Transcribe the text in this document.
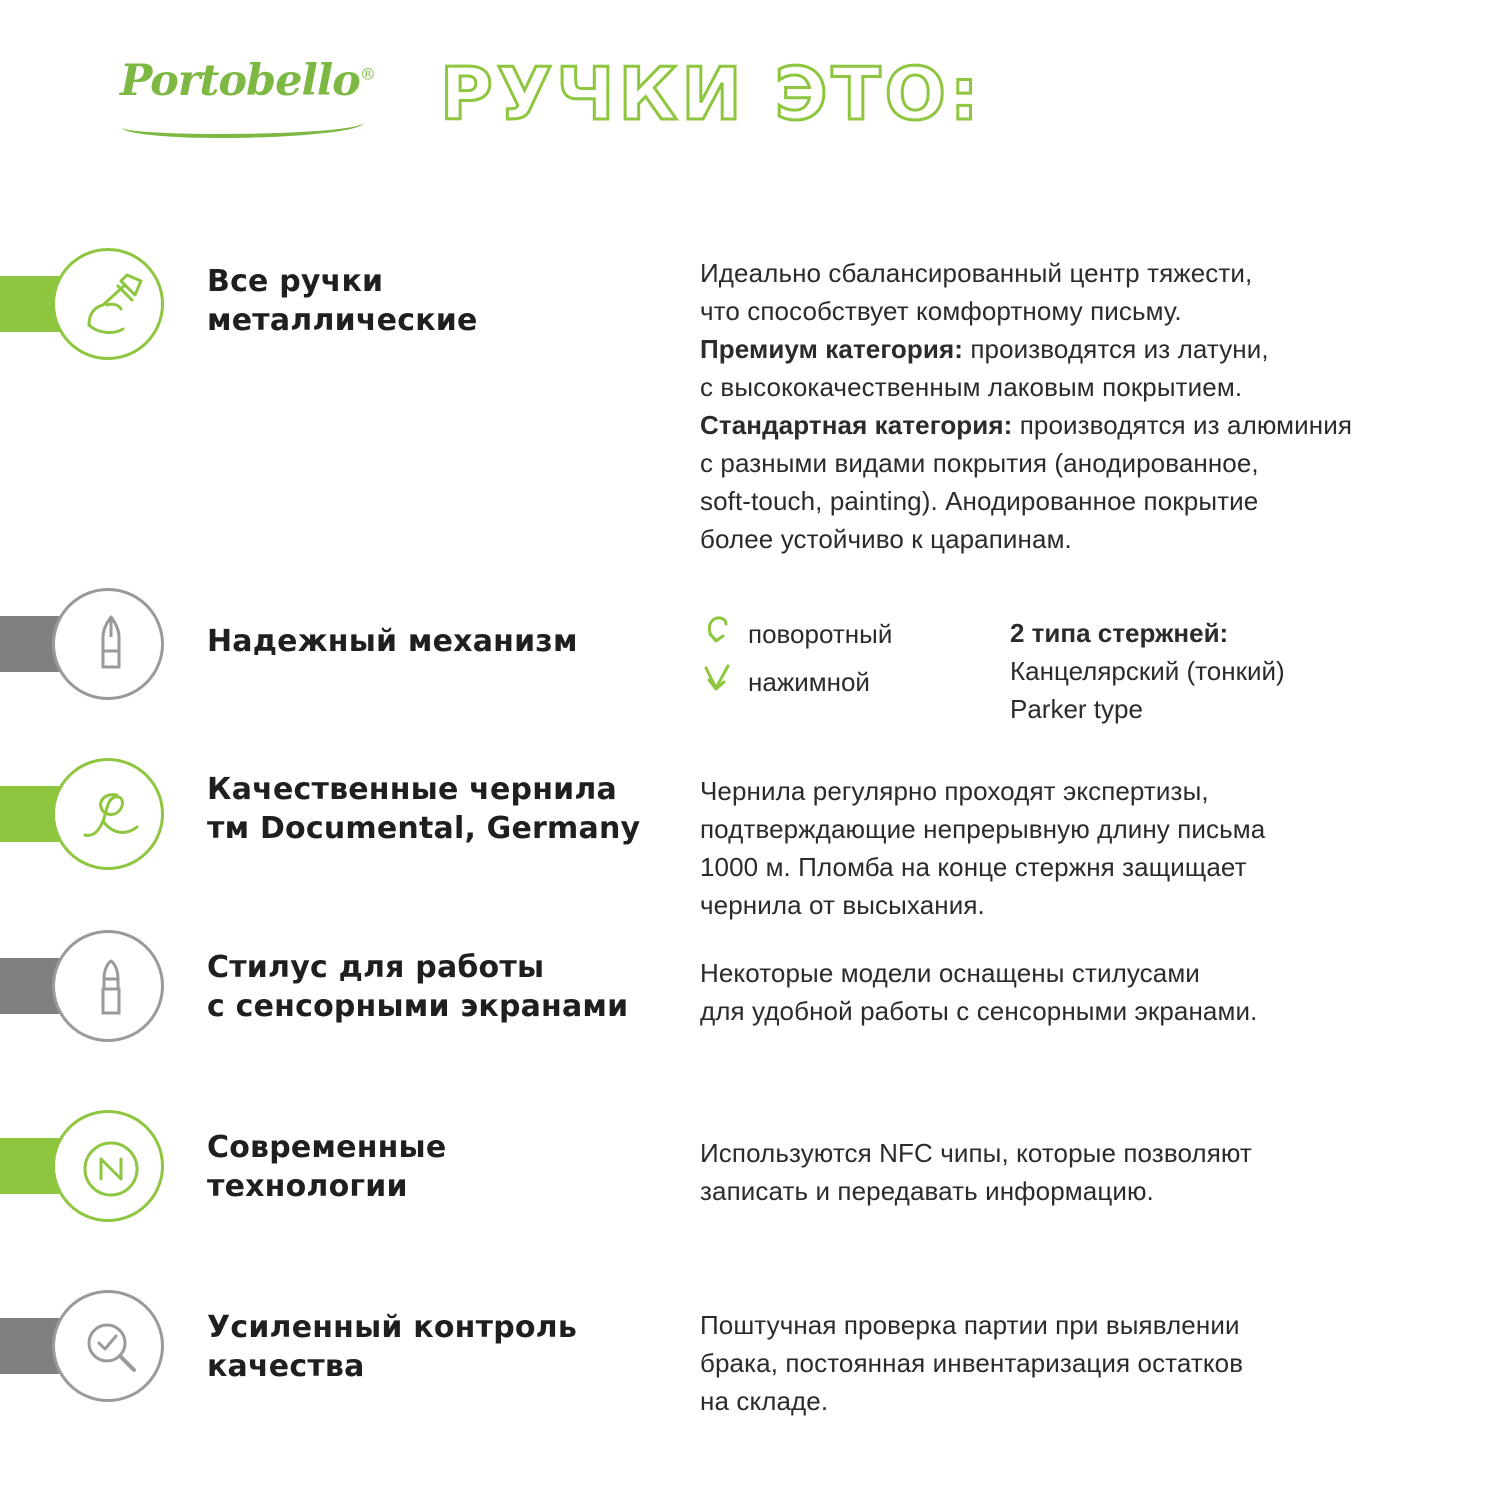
Portobello® РУЧКИ ЭТО:
Все ручки
металлические
Идеально сбалансированный центр тяжести,
что способствует комфортному письму.
Премиум категория: производятся из латуни,
с высококачественным лаковым покрытием.
Стандартная категория: производятся из алюминия
с разными видами покрытия (анодированное,
soft-touch, painting). Анодированное покрытие
более устойчиво к царапинам.
Надежный механизм	поворотный
нажимной
2 типа стержней:
Канцелярский (тонкий)
Parker type
Качественные чернила
тм Documental, Germany
Чернила регулярно проходят экспертизы,
подтверждающие непрерывную длину письма
1000 м. Пломба на конце стержня защищает
чернила от высыхания.
Стилус для работы
с сенсорными экранами
Некоторые модели оснащены стилусами
для удобной работы с сенсорными экранами.
Современные
технологии
Используются NFC чипы, которые позволяют
записать и передавать информацию.
Усиленный контроль
качества
Поштучная проверка партии при выявлении
брака, постоянная инвентаризация остатков
на складе.
